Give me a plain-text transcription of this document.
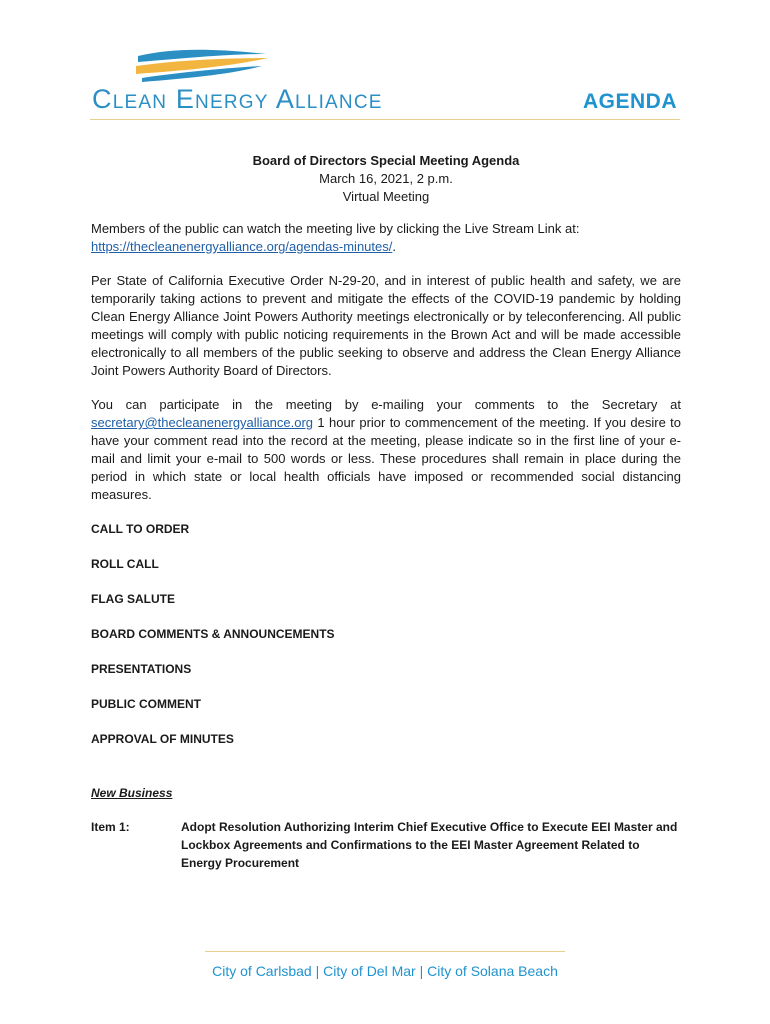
Clean Energy Alliance	AGENDA
Board of Directors Special Meeting Agenda
March 16, 2021, 2 p.m.
Virtual Meeting

Members of the public can watch the meeting live by clicking the Live Stream Link at:
https://thecleanenergyalliance.org/agendas-minutes/.

Per State of California Executive Order N-29-20, and in interest of public health and safety, we are temporarily taking actions to prevent and mitigate the effects of the COVID-19 pandemic by holding Clean Energy Alliance Joint Powers Authority meetings electronically or by teleconferencing. All public meetings will comply with public noticing requirements in the Brown Act and will be made accessible electronically to all members of the public seeking to observe and address the Clean Energy Alliance Joint Powers Authority Board of Directors.

You can participate in the meeting by e-mailing your comments to the Secretary at secretary@thecleanenergyalliance.org 1 hour prior to commencement of the meeting. If you desire to have your comment read into the record at the meeting, please indicate so in the first line of your e-mail and limit your e-mail to 500 words or less. These procedures shall remain in place during the period in which state or local health officials have imposed or recommended social distancing measures.

CALL TO ORDER
ROLL CALL
FLAG SALUTE
BOARD COMMENTS & ANNOUNCEMENTS
PRESENTATIONS
PUBLIC COMMENT
APPROVAL OF MINUTES
New Business
Item 1:	Adopt Resolution Authorizing Interim Chief Executive Office to Execute EEI Master and Lockbox Agreements and Confirmations to the EEI Master Agreement Related to Energy Procurement
City of Carlsbad | City of Del Mar | City of Solana Beach
